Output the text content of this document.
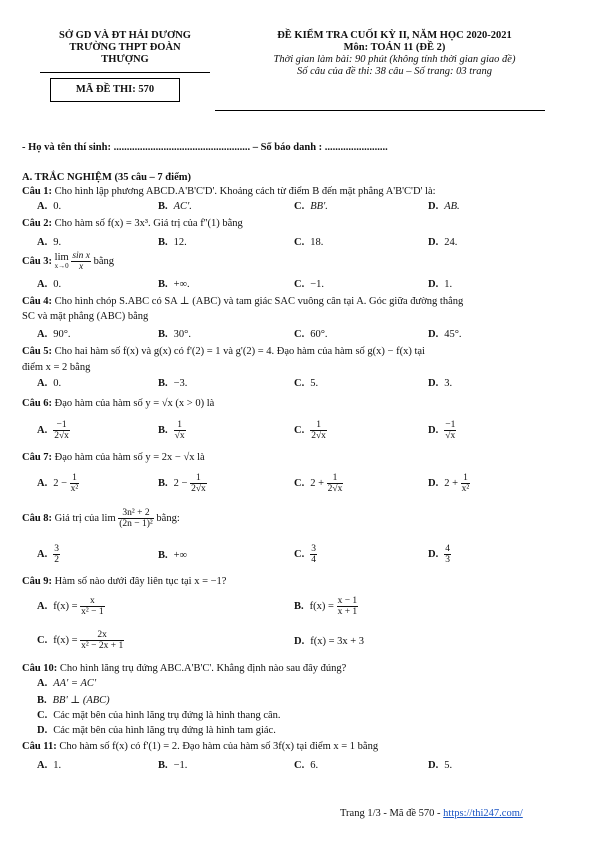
SỞ GD VÀ ĐT HẢI DƯƠNG
TRƯỜNG THPT ĐOÀN THƯỢNG
MÃ ĐỀ THI: 570
ĐỀ KIỂM TRA CUỐI KỲ II, NĂM HỌC 2020-2021
Môn: TOÁN 11 (ĐỀ 2)
Thời gian làm bài: 90 phút (không tính thời gian giao đề)
Số câu của đề thi: 38 câu – Số trang: 03 trang
- Họ và tên thí sinh: .................................................... – Số báo danh : ........................
A. TRẮC NGHIỆM (35 câu – 7 điểm)
Câu 1: Cho hình lập phương ABCD.A'B'C'D'. Khoảng cách từ điểm B đến mặt phẳng A'B'C'D' là:
A. 0.	B. AC'.	C. BB'.	D. AB.
Câu 2: Cho hàm số f(x) = 3x³. Giá trị của f''(1) bằng
A. 9.	B. 12.	C. 18.	D. 24.
Câu 3: lim
x→0
$\frac{\text{sin x}}{x}$ bằng
A. 0.	B. +∞.	C. −1.	D. 1.
Câu 4: Cho hình chóp S.ABC có SA ⊥ (ABC) và tam giác SAC vuông cân tại A. Góc giữa đường thẳng
SC và mặt phẳng (ABC) bằng
A. 90°.	B. 30°.	C. 60°.	D. 45°.
Câu 5: Cho hai hàm số f(x) và g(x) có f'(2) = 1 và g'(2) = 4. Đạo hàm của hàm số g(x) − f(x) tại
điểm x = 2 bằng
A. 0.	B. −3.	C. 5.	D. 3.
Câu 6: Đạo hàm của hàm số y = √x (x > 0) là
A. $\frac{-1}{2√x}$	B. $\frac{1}{√x}$	C. $\frac{1}{2√x}$	D. $\frac{-1}{√x}$
Câu 7: Đạo hàm của hàm số y = 2x − √x là
A. $2 - \frac{1}{\text{x²}}$	B. $2 - \frac{1}{2√x}$	C. $2 + \frac{1}{2√x}$	D. $2 + \frac{1}{\text{x²}}$
Câu 8: Giá trị của $\lim \frac{\text{3n² + 2}}{\text{(2n − 1)²}}$ bằng:
A. $\frac{3}{2}$	B. +∞	C. $\frac{3}{4}$	D. $\frac{4}{3}$
Câu 9: Hàm số nào dưới đây liên tục tại x = −1?
A. $f(x) = \frac{x}{\text{x² − 1}}$	B. $f(x) = \frac{x - 1}{x + 1}$
C. $f(x) = \frac{2x}{\text{x² − 2x + 1}}$	D. f(x) = 3x + 3
Câu 10: Cho hình lăng trụ đứng ABC.A'B'C'. Khẳng định nào sau đây đúng?
A. AA' = AC'
B. BB' ⊥ (ABC)
C. Các mặt bên của hình lăng trụ đứng là hình thang cân.
D. Các mặt bên của hình lăng trụ đứng là hình tam giác.
Câu 11: Cho hàm số f(x) có f'(1) = 2. Đạo hàm của hàm số 3f(x) tại điểm x = 1 bằng
A. 1.	B. −1.	C. 6.	D. 5.
Trang 1/3 - Mã đề 570 - https://thi247.com/
